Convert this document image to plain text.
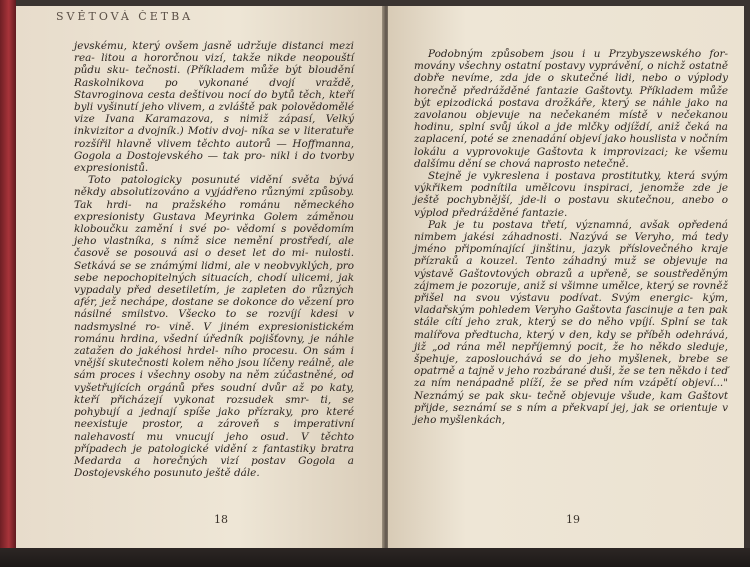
SVĚTOVÁ ČETBA

jevskému, který ovšem jasně udržuje distanci mezi rea- litou a hororčnou vizí, takže nikde neopouští půdu sku- tečnosti. (Příkladem může být bloudění Raskolnikova po vykonané dvojí vraždě, Stavroginova cesta deštivou nocí do bytů těch, kteří byli vyšinutí jeho vlivem, a zvláště pak polovědomělé vize Ivana Karamazova, s nimiž zápasí, Velký inkvizitor a dvojník.) Motiv dvoj- níka se v literatuře rozšířil hlavně vlivem těchto autorů — Hoffmanna, Gogola a Dostojevského — tak pro- nikl i do tvorby expresionistů.

Toto patologicky posunuté vidění světa bývá někdy absolutizováno a vyjádřeno různými způsoby. Tak hrdi- na pražského románu německého expresionisty Gustava Meyrinka Golem záměnou kloboučku zamění i své po- vědomí s povědomím jeho vlastníka, s nímž sice nemění prostředí, ale časově se posouvá asi o deset let do mi- nulosti. Setkává se se známými lidmi, ale v neobvyklých, pro sebe nepochopitelných situacích, chodí ulicemi, jak vypadaly před desetiletím, je zapleten do různých afér, jež nechápe, dostane se dokonce do vězení pro násilné smilstvo. Všecko to se rozvíjí kdesi v nadsmyslné ro- vině. V jiném expresionistickém románu hrdina, všední úředník pojišťovny, je náhle zatažen do jakéhosi hrdel- ního procesu. On sám i vnější skutečnosti kolem něho jsou líčeny reálně, ale sám proces i všechny osoby na něm zúčastněné, od vyšetřujících orgánů přes soudní dvůr až po katy, kteří přicházejí vykonat rozsudek smr- ti, se pohybují a jednají spíše jako přízraky, pro které neexistuje prostor, a zároveň s imperativní nalehavostí mu vnucují jeho osud. V těchto případech je patologické vidění z fantastiky bratra Medarda a horečných vizí postav Gogola a Dostojevského posunuto ještě dále.

18

Podobným způsobem jsou i u Przybyszewského for- movány všechny ostatní postavy vyprávění, o nichž ostatně dobře nevíme, zda jde o skutečné lidi, nebo o výplody horečně předrážděné fantazie Gaštovty. Příkladem může být epizodická postava drožkáře, který se náhle jako na zavolanou objevuje na nečekaném místě v nečekanou hodinu, splní svůj úkol a jde mlčky odjíždí, aniž čeká na zaplacení, poté se znenadání objeví jako houslista v nočním lokálu a vyprovokuje Gaštovta k improvizaci; ke všemu dalšímu dění se chová naprosto netečně.

Stejně je vykreslena i postava prostitutky, která svým výkřikem podnítila umělcovu inspiraci, jenomže zde je ještě pochybnější, jde-li o postavu skutečnou, anebo o výplod předrážděné fantazie.

Pak je tu postava třetí, významná, avšak opředená nimbem jakési záhadnosti. Nazývá se Veryho, má tedy jméno připomínající jinštinu, jazyk příslovečného kraje přízraků a kouzel. Tento záhadný muž se objevuje na výstavě Gaštovtových obrazů a upřeně, se soustředěným zájmem je pozoruje, aniž si všimne umělce, který se rovněž přišel na svou výstavu podívat. Svým energic- kým, vladařským pohledem Veryho Gaštovta fascinuje a ten pak stále cítí jeho zrak, který se do něho vpíjí. Splní se tak malířova předtucha, který v den, kdy se příběh odehrává, již „od rána měl nepříjemný pocit, že ho někdo sleduje, špehuje, zaposlouchává se do jeho myšlenek, brebe se opatrně a tajně v jeho rozbárané duši, že se ten někdo i teď za ním nenápadně plíží, že se před ním vzápětí objeví..." Neznámý se pak sku- tečně objevuje všude, kam Gaštovt přijde, seznámí se s ním a překvapí jej, jak se orientuje v jeho myšlenkách,

19
